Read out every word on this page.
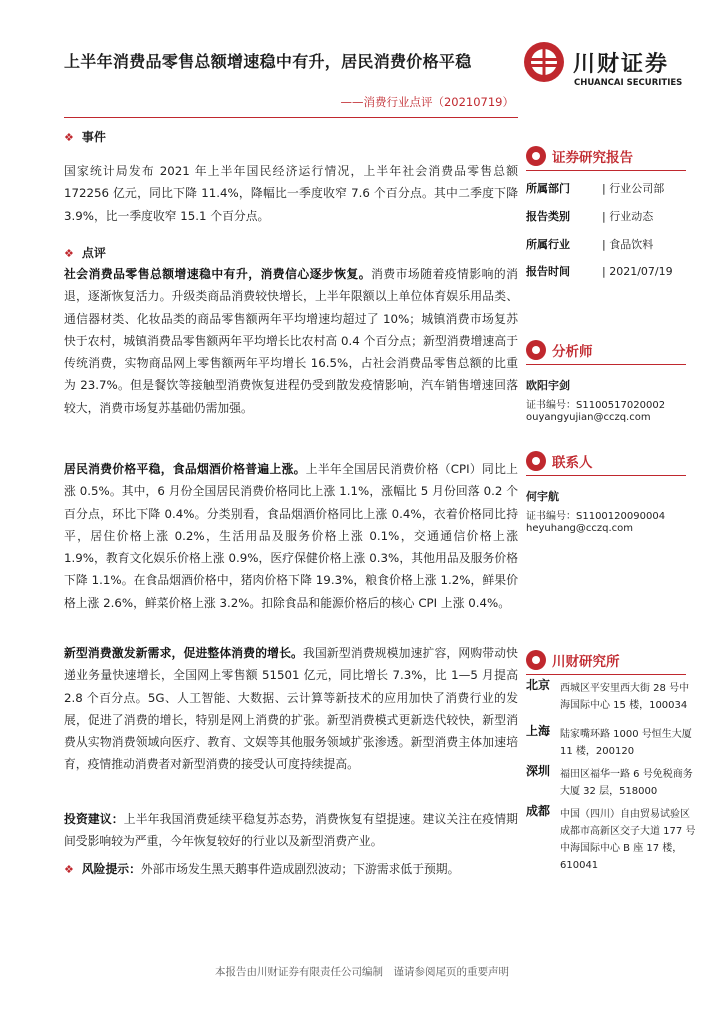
上半年消费品零售总额增速稳中有升，居民消费价格平稳
——消费行业点评（20210719）
川财证券
CHUANCAI SECURITIES
❖ 事件

国家统计局发布 2021 年上半年国民经济运行情况，上半年社会消费品零售总额 172256 亿元，同比下降 11.4%，降幅比一季度收窄 7.6 个百分点。其中二季度下降 3.9%，比一季度收窄 15.1 个百分点。

❖ 点评

社会消费品零售总额增速稳中有升，消费信心逐步恢复。消费市场随着疫情影响的消退，逐渐恢复活力。升级类商品消费较快增长，上半年限额以上单位体育娱乐用品类、通信器材类、化妆品类的商品零售额两年平均增速均超过了 10%；城镇消费市场复苏快于农村，城镇消费品零售额两年平均增长比农村高 0.4 个百分点；新型消费增速高于传统消费，实物商品网上零售额两年平均增长 16.5%，占社会消费品零售总额的比重为 23.7%。但是餐饮等接触型消费恢复进程仍受到散发疫情影响，汽车销售增速回落较大，消费市场复苏基础仍需加强。

居民消费价格平稳，食品烟酒价格普遍上涨。上半年全国居民消费价格（CPI）同比上涨 0.5%。其中，6 月份全国居民消费价格同比上涨 1.1%，涨幅比 5 月份回落 0.2 个百分点，环比下降 0.4%。分类别看，食品烟酒价格同比上涨 0.4%，衣着价格同比持平，居住价格上涨 0.2%，生活用品及服务价格上涨 0.1%，交通通信价格上涨 1.9%，教育文化娱乐价格上涨 0.9%，医疗保健价格上涨 0.3%，其他用品及服务价格下降 1.1%。在食品烟酒价格中，猪肉价格下降 19.3%，粮食价格上涨 1.2%，鲜果价格上涨 2.6%，鲜菜价格上涨 3.2%。扣除食品和能源价格后的核心 CPI 上涨 0.4%。

新型消费激发新需求，促进整体消费的增长。我国新型消费规模加速扩容，网购带动快递业务量快速增长，全国网上零售额 51501 亿元，同比增长 7.3%，比 1—5 月提高 2.8 个百分点。5G、人工智能、大数据、云计算等新技术的应用加快了消费行业的发展，促进了消费的增长，特别是网上消费的扩张。新型消费模式更新迭代较快，新型消费从实物消费领域向医疗、教育、文娱等其他服务领域扩张渗透。新型消费主体加速培育，疫情推动消费者对新型消费的接受认可度持续提高。

投资建议：上半年我国消费延续平稳复苏态势，消费恢复有望提速。建议关注在疫情期间受影响较为严重，今年恢复较好的行业以及新型消费产业。

❖ 风险提示：外部市场发生黑天鹅事件造成剧烈波动；下游需求低于预期。

证券研究报告
所属部门	| 行业公司部
报告类别	| 行业动态
所属行业	| 食品饮料
报告时间	| 2021/07/19
分析师
欧阳宇剑
证书编号：S1100517020002
ouyangyujian@cczq.com
联系人
何宇航
证书编号：S1100120090004
heyuhang@cczq.com
川财研究所
北京 西城区平安里西大街 28 号中海国际中心 15 楼，100034
上海 陆家嘴环路 1000 号恒生大厦 11 楼，200120
深圳 福田区福华一路 6 号免税商务大厦 32 层，518000
成都 中国（四川）自由贸易试验区成都市高新区交子大道 177 号中海国际中心 B 座 17 楼，610041
本报告由川财证券有限责任公司编制　谨请参阅尾页的重要声明
